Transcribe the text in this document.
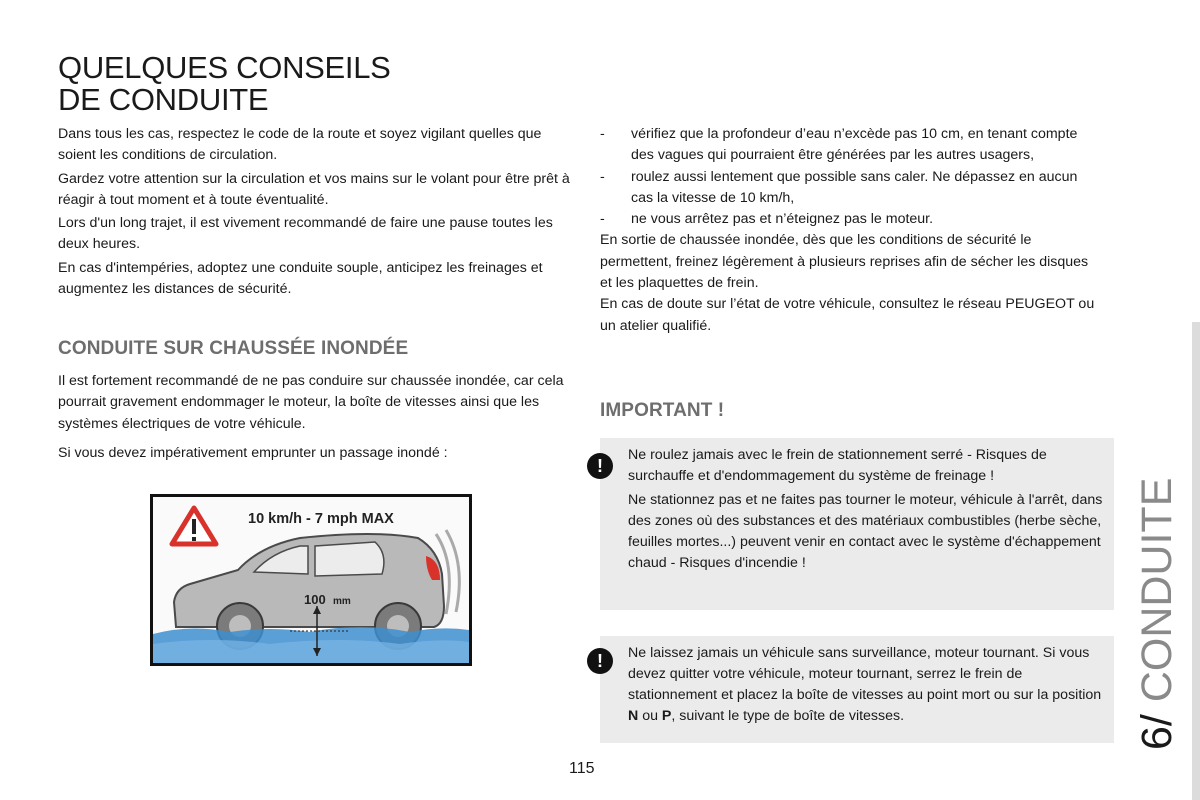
QUELQUES CONSEILS
DE CONDUITE

Dans tous les cas, respectez le code de la route et soyez vigilant quelles que soient les conditions de circulation.

Gardez votre attention sur la circulation et vos mains sur le volant pour être prêt à réagir à tout moment et à toute éventualité.

Lors d'un long trajet, il est vivement recommandé de faire une pause toutes les deux heures.

En cas d'intempéries, adoptez une conduite souple, anticipez les freinages et augmentez les distances de sécurité.

CONDUITE SUR CHAUSSÉE INONDÉE

Il est fortement recommandé de ne pas conduire sur chaussée inondée, car cela pourrait gravement endommager le moteur, la boîte de vitesses ainsi que les systèmes électriques de votre véhicule.

Si vous devez impérativement emprunter un passage inondé :

10 km/h - 7 mph MAX
100 mm
- vérifiez que la profondeur d’eau n’excède pas 10 cm, en tenant compte des vagues qui pourraient être générées par les autres usagers,
- roulez aussi lentement que possible sans caler. Ne dépassez en aucun cas la vitesse de 10 km/h,
- ne vous arrêtez pas et n’éteignez pas le moteur.

En sortie de chaussée inondée, dès que les conditions de sécurité le permettent, freinez légèrement à plusieurs reprises afin de sécher les disques et les plaquettes de frein.

En cas de doute sur l’état de votre véhicule, consultez le réseau PEUGEOT ou un atelier qualifié.

IMPORTANT !
!

Ne roulez jamais avec le frein de stationnement serré - Risques de surchauffe et d'endommagement du système de freinage !

Ne stationnez pas et ne faites pas tourner le moteur, véhicule à l'arrêt, dans des zones où des substances et des matériaux combustibles (herbe sèche, feuilles mortes...) peuvent venir en contact avec le système d'échappement chaud - Risques d'incendie !

!	Ne laissez jamais un véhicule sans surveillance, moteur tournant. Si vous devez quitter votre véhicule, moteur tournant, serrez le frein de stationnement et placez la boîte de vitesses au point mort ou sur la position N ou P, suivant le type de boîte de vitesses.

115
6/ CONDUITE
